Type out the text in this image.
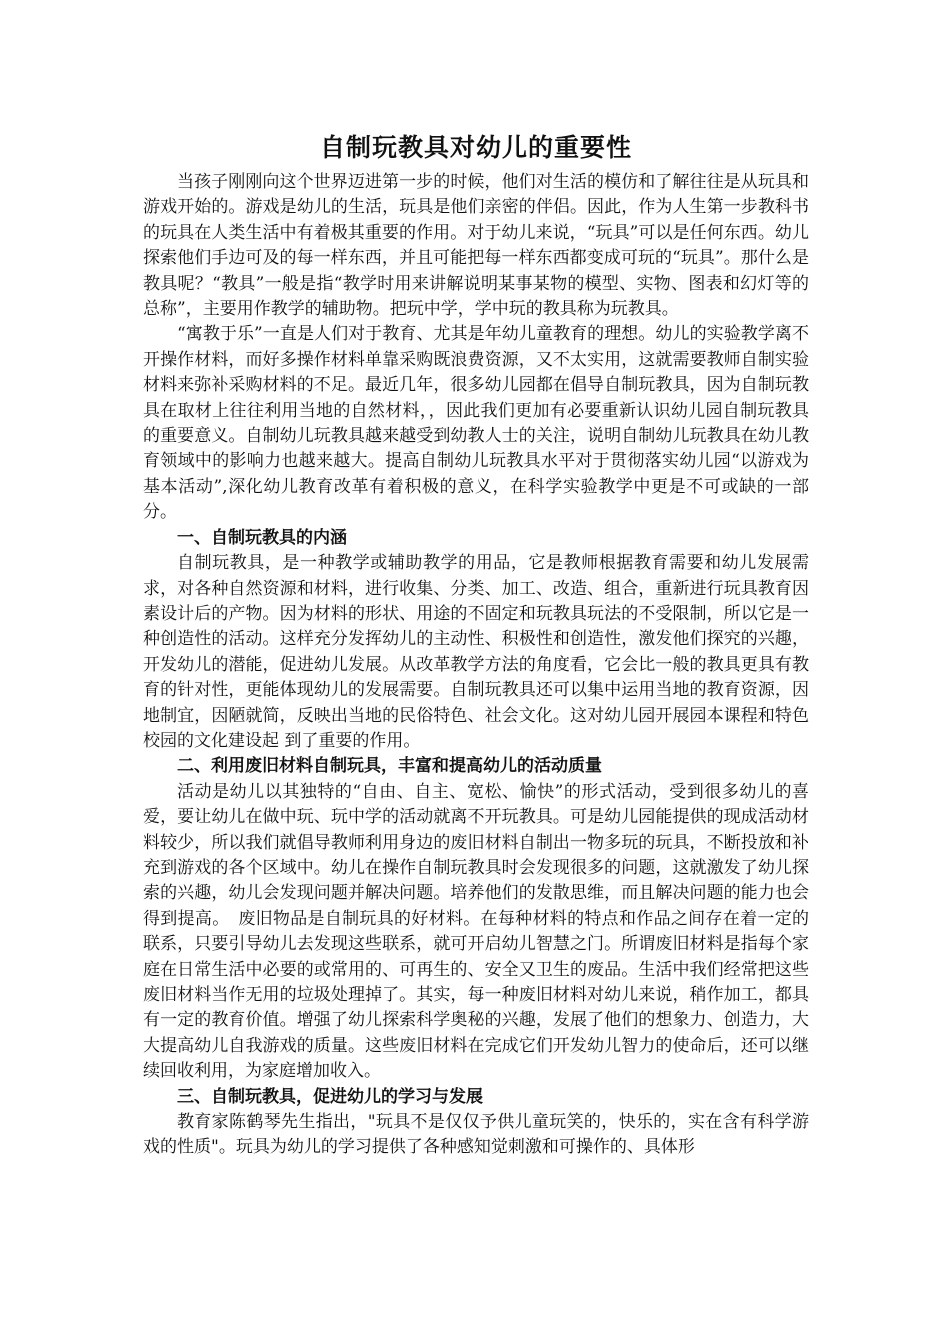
自制玩教具对幼儿的重要性

当孩子刚刚向这个世界迈进第一步的时候，他们对生活的模仿和了解往往是从玩具和游戏开始的。游戏是幼儿的生活，玩具是他们亲密的伴侣。因此，作为人生第一步教科书的玩具在人类生活中有着极其重要的作用。对于幼儿来说，“玩具”可以是任何东西。幼儿探索他们手边可及的每一样东西，并且可能把每一样东西都变成可玩的“玩具”。那什么是教具呢？“教具”一般是指“教学时用来讲解说明某事某物的模型、实物、图表和幻灯等的总称”，主要用作教学的辅助物。把玩中学，学中玩的教具称为玩教具。

“寓教于乐”一直是人们对于教育、尤其是年幼儿童教育的理想。幼儿的实验教学离不开操作材料，而好多操作材料单靠采购既浪费资源，又不太实用，这就需要教师自制实验材料来弥补采购材料的不足。最近几年，很多幼儿园都在倡导自制玩教具，因为自制玩教具在取材上往往利用当地的自然材料，，因此我们更加有必要重新认识幼儿园自制玩教具的重要意义。自制幼儿玩教具越来越受到幼教人士的关注，说明自制幼儿玩教具在幼儿教育领域中的影响力也越来越大。提高自制幼儿玩教具水平对于贯彻落实幼儿园“以游戏为基本活动”,深化幼儿教育改革有着积极的意义，在科学实验教学中更是不可或缺的一部分。

一、自制玩教具的内涵

自制玩教具，是一种教学或辅助教学的用品，它是教师根据教育需要和幼儿发展需求，对各种自然资源和材料，进行收集、分类、加工、改造、组合，重新进行玩具教育因素设计后的产物。因为材料的形状、用途的不固定和玩教具玩法的不受限制，所以它是一种创造性的活动。这样充分发挥幼儿的主动性、积极性和创造性，激发他们探究的兴趣，开发幼儿的潜能，促进幼儿发展。从改革教学方法的角度看，它会比一般的教具更具有教育的针对性，更能体现幼儿的发展需要。自制玩教具还可以集中运用当地的教育资源，因地制宜，因陋就简，反映出当地的民俗特色、社会文化。这对幼儿园开展园本课程和特色校园的文化建设起 到了重要的作用。

二、利用废旧材料自制玩具，丰富和提高幼儿的活动质量

活动是幼儿以其独特的“自由、自主、宽松、愉快”的形式活动，受到很多幼儿的喜爱，要让幼儿在做中玩、玩中学的活动就离不开玩教具。可是幼儿园能提供的现成活动材料较少，所以我们就倡导教师利用身边的废旧材料自制出一物多玩的玩具，不断投放和补充到游戏的各个区域中。幼儿在操作自制玩教具时会发现很多的问题，这就激发了幼儿探索的兴趣，幼儿会发现问题并解决问题。培养他们的发散思维，而且解决问题的能力也会得到提高。　废旧物品是自制玩具的好材料。在每种材料的特点和作品之间存在着一定的联系，只要引导幼儿去发现这些联系，就可开启幼儿智慧之门。所谓废旧材料是指每个家庭在日常生活中必要的或常用的、可再生的、安全又卫生的废品。生活中我们经常把这些废旧材料当作无用的垃圾处理掉了。其实，每一种废旧材料对幼儿来说，稍作加工，都具有一定的教育价值。增强了幼儿探索科学奥秘的兴趣，发展了他们的想象力、创造力，大大提高幼儿自我游戏的质量。这些废旧材料在完成它们开发幼儿智力的使命后，还可以继续回收利用，为家庭增加收入。

三、自制玩教具，促进幼儿的学习与发展

教育家陈鹤琴先生指出，"玩具不是仅仅予供儿童玩笑的，快乐的，实在含有科学游戏的性质"。玩具为幼儿的学习提供了各种感知觉刺激和可操作的、具体形
